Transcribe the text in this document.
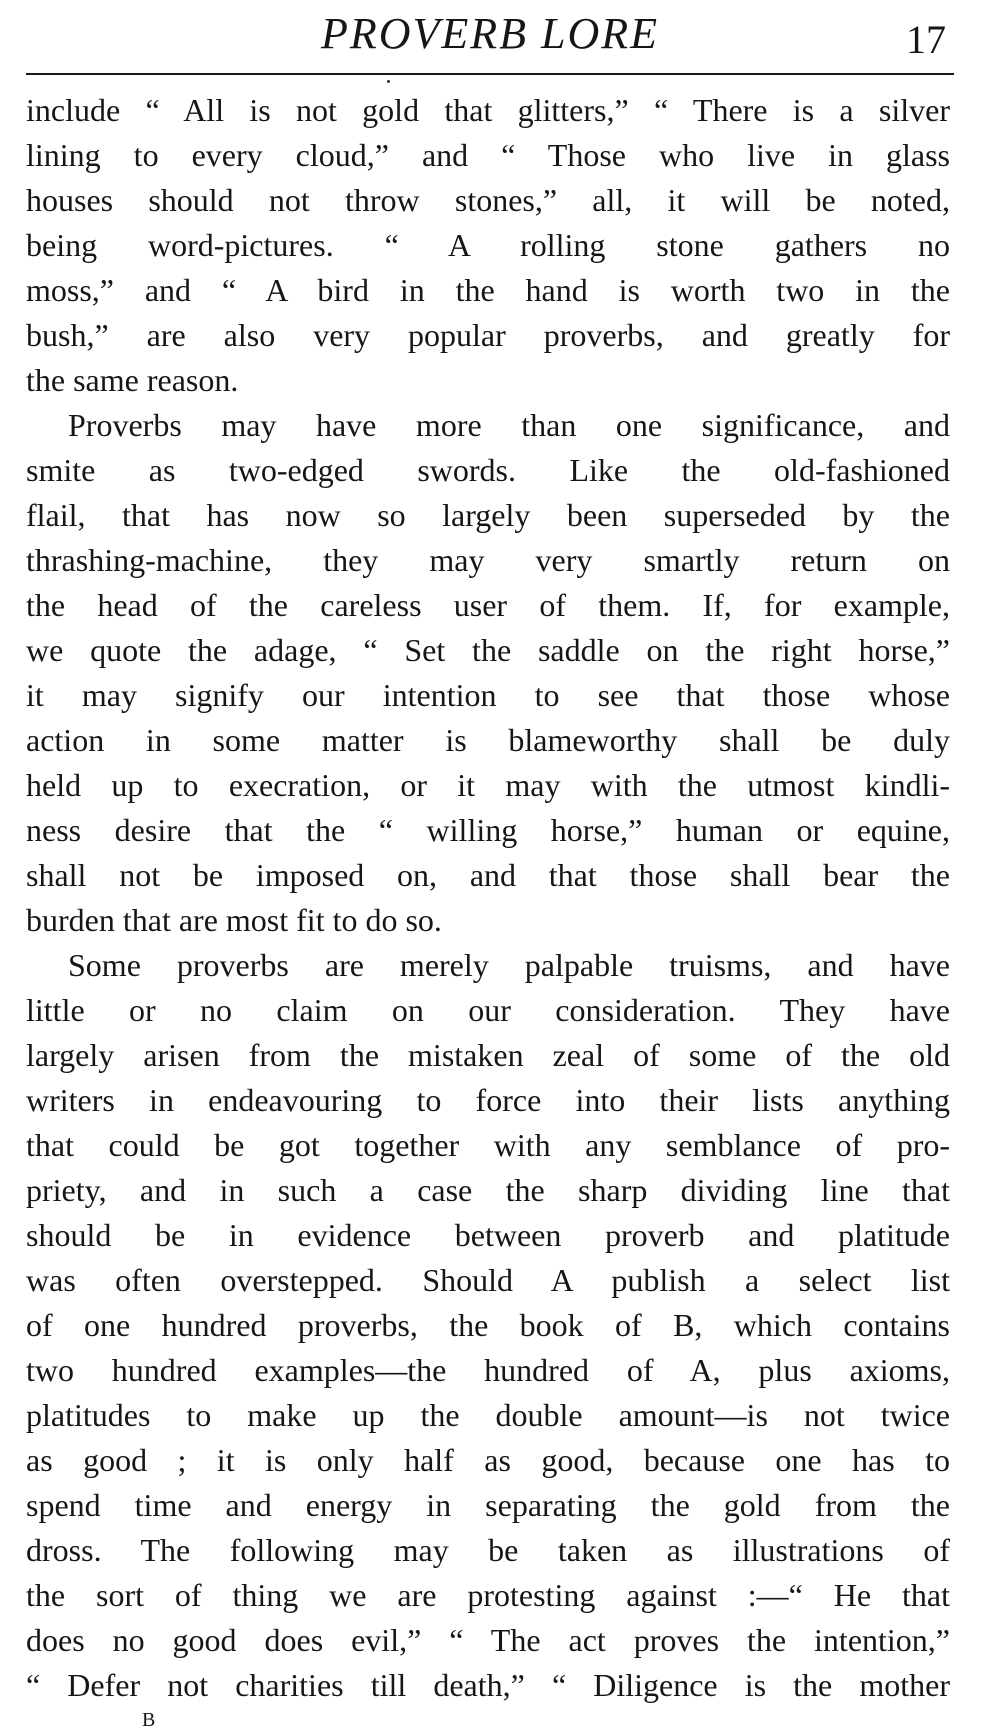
PROVERB LORE	17
include “ All is not gold that glitters,” “ There is a silver
lining to every cloud,” and “ Those who live in glass
houses should not throw stones,” all, it will be noted,
being word-pictures. “ A rolling stone gathers no
moss,” and “ A bird in the hand is worth two in the
bush,” are also very popular proverbs, and greatly for
the same reason.
Proverbs may have more than one significance, and
smite as two-edged swords. Like the old-fashioned
flail, that has now so largely been superseded by the
thrashing-machine, they may very smartly return on
the head of the careless user of them. If, for example,
we quote the adage, “ Set the saddle on the right horse,”
it may signify our intention to see that those whose
action in some matter is blameworthy shall be duly
held up to execration, or it may with the utmost kindli-
ness desire that the “ willing horse,” human or equine,
shall not be imposed on, and that those shall bear the
burden that are most fit to do so.
Some proverbs are merely palpable truisms, and have
little or no claim on our consideration. They have
largely arisen from the mistaken zeal of some of the old
writers in endeavouring to force into their lists anything
that could be got together with any semblance of pro-
priety, and in such a case the sharp dividing line that
should be in evidence between proverb and platitude
was often overstepped. Should A publish a select list
of one hundred proverbs, the book of B, which contains
two hundred examples—the hundred of A, plus axioms,
platitudes to make up the double amount—is not twice
as good ; it is only half as good, because one has to
spend time and energy in separating the gold from the
dross. The following may be taken as illustrations of
the sort of thing we are protesting against :—“ He that
does no good does evil,” “ The act proves the intention,”
“ Defer not charities till death,” “ Diligence is the mother
B
